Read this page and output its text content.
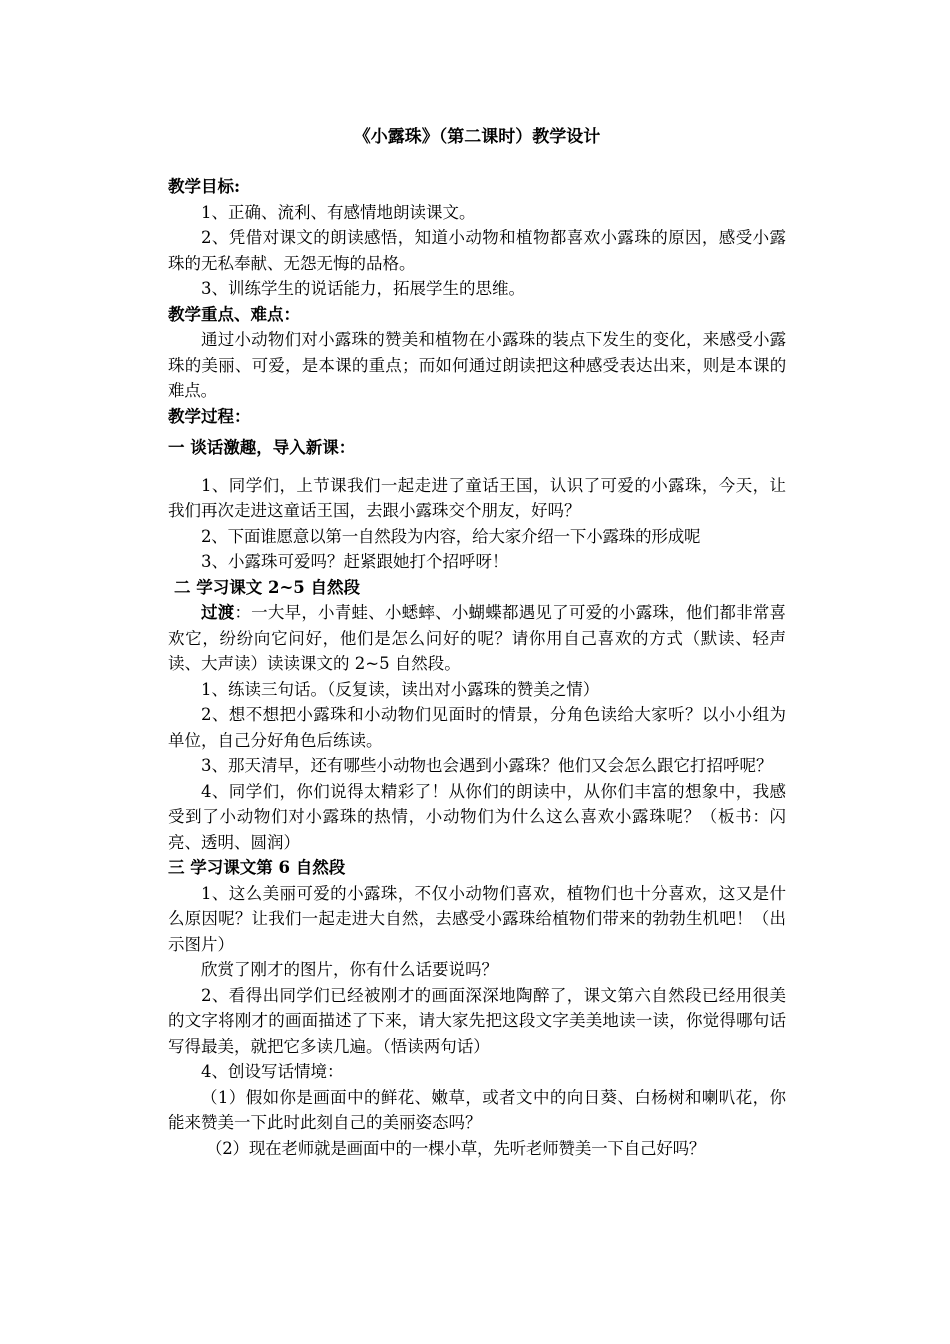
《小露珠》（第二课时）教学设计

教学目标:

1、正确、流利、有感情地朗读课文。

2、凭借对课文的朗读感悟，知道小动物和植物都喜欢小露珠的原因，感受小露珠的无私奉献、无怨无悔的品格。

3、训练学生的说话能力，拓展学生的思维。

教学重点、难点：

通过小动物们对小露珠的赞美和植物在小露珠的装点下发生的变化，来感受小露珠的美丽、可爱，是本课的重点；而如何通过朗读把这种感受表达出来，则是本课的难点。

教学过程：

一 谈话激趣，导入新课：

1、同学们，上节课我们一起走进了童话王国，认识了可爱的小露珠，今天，让我们再次走进这童话王国，去跟小露珠交个朋友，好吗？

2、下面谁愿意以第一自然段为内容，给大家介绍一下小露珠的形成呢

3、小露珠可爱吗？赶紧跟她打个招呼呀！

二 学习课文 2~5 自然段

过渡：一大早，小青蛙、小蟋蟀、小蝴蝶都遇见了可爱的小露珠，他们都非常喜欢它，纷纷向它问好，他们是怎么问好的呢？请你用自己喜欢的方式（默读、轻声读、大声读）读读课文的 2~5 自然段。

1、练读三句话。（反复读，读出对小露珠的赞美之情）

2、想不想把小露珠和小动物们见面时的情景，分角色读给大家听？以小小组为单位，自己分好角色后练读。

3、那天清早，还有哪些小动物也会遇到小露珠？他们又会怎么跟它打招呼呢？

4、同学们，你们说得太精彩了！从你们的朗读中，从你们丰富的想象中，我感受到了小动物们对小露珠的热情，小动物们为什么这么喜欢小露珠呢？（板书：闪亮、透明、圆润）

三 学习课文第 6 自然段

1、这么美丽可爱的小露珠，不仅小动物们喜欢，植物们也十分喜欢，这又是什么原因呢？让我们一起走进大自然，去感受小露珠给植物们带来的勃勃生机吧！（出示图片）

欣赏了刚才的图片，你有什么话要说吗？

2、看得出同学们已经被刚才的画面深深地陶醉了，课文第六自然段已经用很美的文字将刚才的画面描述了下来，请大家先把这段文字美美地读一读，你觉得哪句话写得最美，就把它多读几遍。（悟读两句话）

4、创设写话情境：

（1）假如你是画面中的鲜花、嫩草，或者文中的向日葵、白杨树和喇叭花，你能来赞美一下此时此刻自己的美丽姿态吗？

（2）现在老师就是画面中的一棵小草，先听老师赞美一下自己好吗？
